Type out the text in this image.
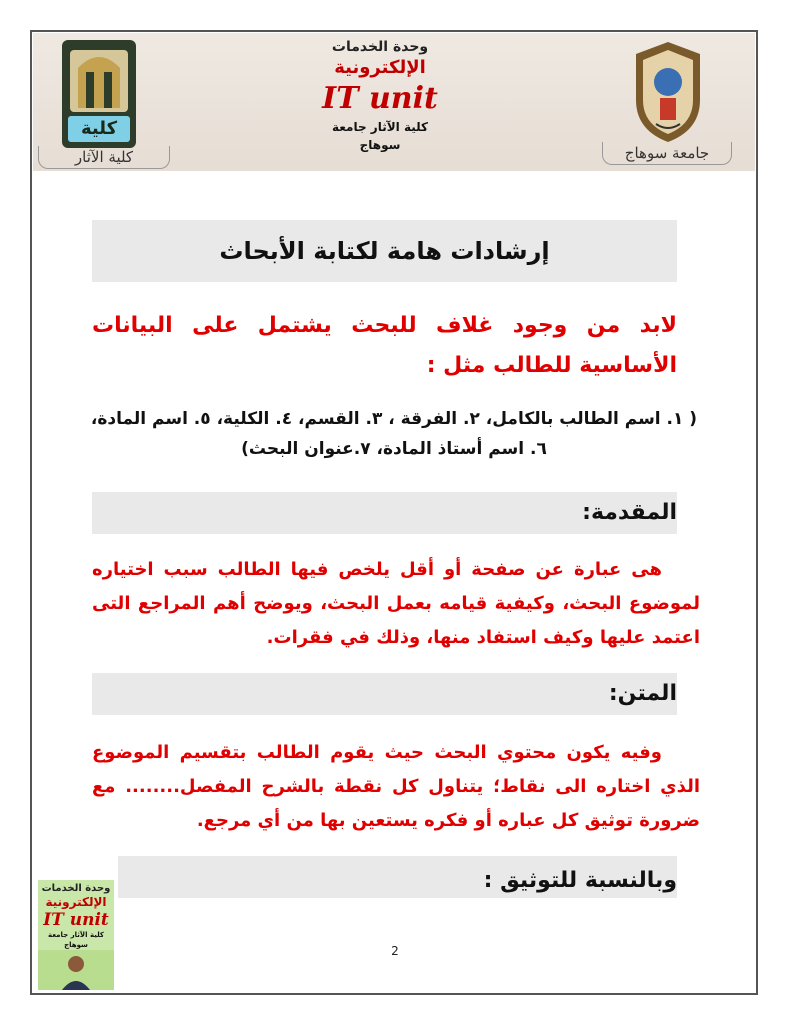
كلية
كلية الآثار
وحدة الخدمات
الإلكترونية
IT unit
كلية الآثار جامعة سوهاج	جامعة سوهاج
إرشادات هامة لكتابة الأبحاث
لابد من وجود غلاف للبحث يشتمل على البيانات الأساسية للطالب مثل :
( ١. اسم الطالب بالكامل، ٢. الفرقة ، ٣. القسم، ٤. الكلية، ٥. اسم المادة، ٦. اسم أستاذ المادة، ٧.عنوان البحث)
المقدمة:
هى عبارة عن صفحة أو أقل يلخص فيها الطالب سبب اختياره لموضوع البحث، وكيفية قيامه بعمل البحث، ويوضح أهم المراجع التى اعتمد عليها وكيف استفاد منها، وذلك في فقرات.
المتن:
وفيه يكون محتوي البحث حيث يقوم الطالب بتقسيم الموضوع الذي اختاره الى نقاط؛ يتناول كل نقطة بالشرح المفصل........ مع ضرورة توثيق كل عباره أو فكره يستعين بها من أي مرجع.
وبالنسبة للتوثيق :
وحدة الخدمات
الإلكترونية
IT unit
كلية الآثار جامعة سوهاج	2
